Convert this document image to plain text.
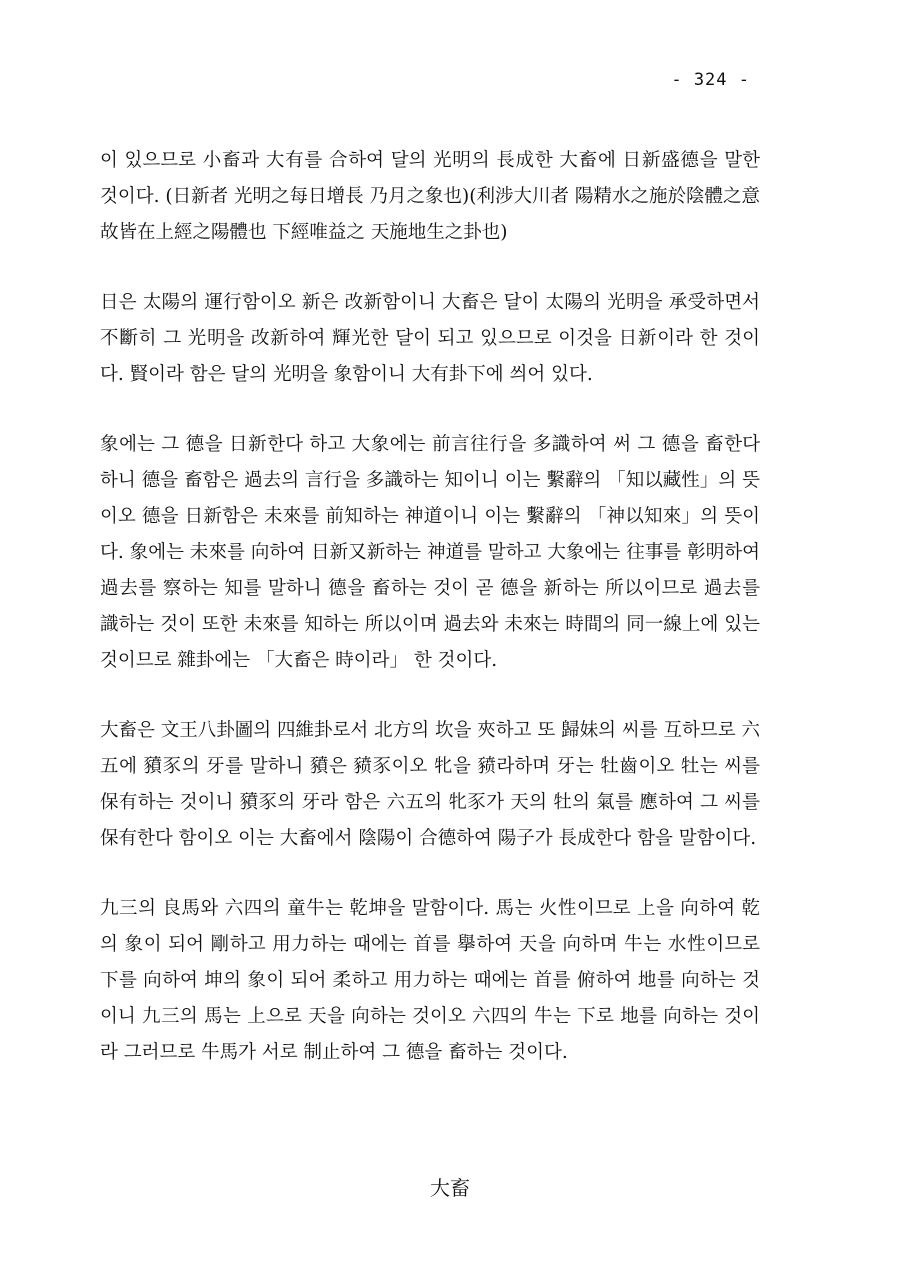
- 324 -

이 있으므로 小畜과 大有를 合하여 달의 光明의 長成한 大畜에 日新盛德을 말한 것이다. (日新者 光明之每日增長 乃月之象也)(利涉大川者 陽精水之施於陰體之意 故皆在上經之陽體也 下經唯益之 天施地生之卦也)

日은 太陽의 運行함이오 新은 改新함이니 大畜은 달이 太陽의 光明을 承受하면서 不斷히 그 光明을 改新하여 輝光한 달이 되고 있으므로 이것을 日新이라 한 것이다. 賢이라 함은 달의 光明을 象함이니 大有卦下에 씌어 있다.

象에는 그 德을 日新한다 하고 大象에는 前言往行을 多識하여 써 그 德을 畜한다 하니 德을 畜함은 過去의 言行을 多識하는 知이니 이는 繫辭의 「知以藏性」의 뜻이오 德을 日新함은 未來를 前知하는 神道이니 이는 繫辭의 「神以知來」의 뜻이다. 象에는 未來를 向하여 日新又新하는 神道를 말하고 大象에는 往事를 彰明하여 過去를 察하는 知를 말하니 德을 畜하는 것이 곧 德을 新하는 所以이므로 過去를 識하는 것이 또한 未來를 知하는 所以이며 過去와 未來는 時間의 同一線上에 있는 것이므로 雜卦에는 「大畜은 時이라」 한 것이다.

大畜은 文王八卦圖의 四維卦로서 北方의 坎을 夾하고 또 歸妹의 씨를 互하므로 六五에 豶豕의 牙를 말하니 豶은 豮豕이오 牝을 豮라하며 牙는 牡齒이오 牡는 씨를 保有하는 것이니 豶豕의 牙라 함은 六五의 牝豕가 天의 牡의 氣를 應하여 그 씨를 保有한다 함이오 이는 大畜에서 陰陽이 合德하여 陽子가 長成한다 함을 말함이다.

九三의 良馬와 六四의 童牛는 乾坤을 말함이다. 馬는 火性이므로 上을 向하여 乾의 象이 되어 剛하고 用力하는 때에는 首를 擧하여 天을 向하며 牛는 水性이므로 下를 向하여 坤의 象이 되어 柔하고 用力하는 때에는 首를 俯하여 地를 向하는 것이니 九三의 馬는 上으로 天을 向하는 것이오 六四의 牛는 下로 地를 向하는 것이라 그러므로 牛馬가 서로 制止하여 그 德을 畜하는 것이다.

大畜
